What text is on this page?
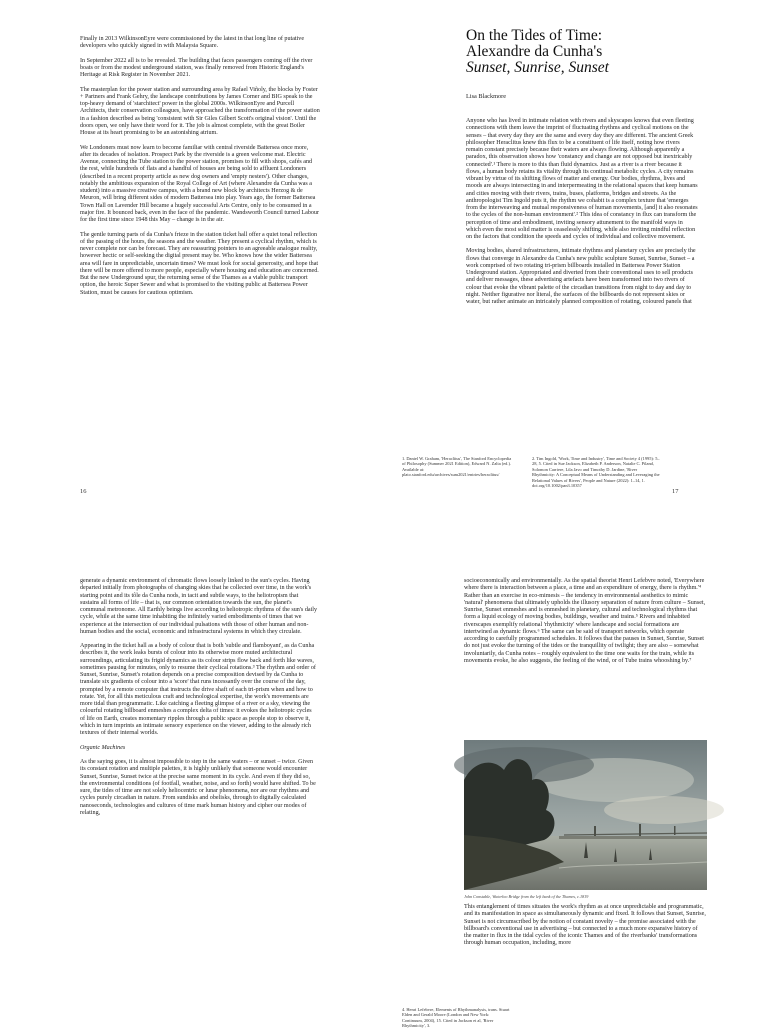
Finally in 2013 WilkinsonEyre were commissioned by the latest in that long line of putative developers who quickly signed in with Malaysia Square.

In September 2022 all is to be revealed. The building that faces passengers coming off the river boats or from the modest underground station, was finally removed from Historic England's Heritage at Risk Register in November 2021.

The masterplan for the power station and surrounding area by Rafael Viñoly, the blocks by Foster + Partners and Frank Gehry, the landscape contributions by James Corner and BIG speak to the top-heavy demand of 'starchitect' power in the global 2000s. WilkinsonEyre and Purcell Architects, their conservation colleagues, have approached the transformation of the power station in a fashion described as being 'consistent with Sir Giles Gilbert Scott's original vision'. Until the doors open, we only have their word for it. The job is almost complete, with the great Boiler House at its heart promising to be an astonishing atrium.

We Londoners must now learn to become familiar with central riverside Battersea once more, after its decades of isolation. Prospect Park by the riverside is a green welcome mat. Electric Avenue, connecting the Tube station to the power station, promises to fill with shops, cafés and the rest, while hundreds of flats and a handful of houses are being sold to affluent Londoners (described in a recent property article as new dog owners and 'empty nesters'). Other changes, notably the ambitious expansion of the Royal College of Art (where Alexandre da Cunha was a student) into a massive creative campus, with a brand new block by architects Herzog & de Meuron, will bring different sides of modern Battersea into play. Years ago, the former Battersea Town Hall on Lavender Hill became a hugely successful Arts Centre, only to be consumed in a major fire. It bounced back, even in the face of the pandemic. Wandsworth Council turned Labour for the first time since 1948 this May – change is in the air.

The gentle turning parts of da Cunha's frieze in the station ticket hall offer a quiet tonal reflection of the passing of the hours, the seasons and the weather. They present a cyclical rhythm, which is never complete nor can be forecast. They are reassuring pointers to an agreeable analogue reality, however hectic or self-seeking the digital present may be. Who knows how the wider Battersea area will fare in unpredictable, uncertain times? We must look for social generosity, and hope that there will be more offered to more people, especially where housing and education are concerned. But the new Underground spur, the returning sense of the Thames as a viable public transport option, the heroic Super Sewer and what is promised to the visiting public at Battersea Power Station, must be causes for cautious optimism.

16
On the Tides of Time:
Alexandre da Cunha's
Sunset, Sunrise, Sunset
Lisa Blackmore

Anyone who has lived in intimate relation with rivers and skyscapes knows that even fleeting connections with them leave the imprint of fluctuating rhythms and cyclical motions on the senses – that every day they are the same and every day they are different. The ancient Greek philosopher Heraclitus knew this flux to be a constituent of life itself, noting how rivers remain constant precisely because their waters are always flowing. Although apparently a paradox, this observation shows how 'constancy and change are not opposed but inextricably connected'.¹ There is more to this than fluid dynamics. Just as a river is a river because it flows, a human body retains its vitality through its continual metabolic cycles. A city remains vibrant by virtue of its shifting flows of matter and energy. Our bodies, rhythms, lives and moods are always intersecting in and interpermeating in the relational spaces that keep humans and cities moving with their rivers, trains, buses, platforms, bridges and streets. As the anthropologist Tim Ingold puts it, the rhythm we cohabit is a complex texture that 'emerges from the interweaving and mutual responsiveness of human movements, [and] it also resonates to the cycles of the non-human environment'.² This idea of constancy in flux can transform the perception of time and embodiment, inviting sensory attunement to the manifold ways in which even the most solid matter is ceaselessly shifting, while also inviting mindful reflection on the factors that condition the speeds and cycles of individual and collective movement.

Moving bodies, shared infrastructures, intimate rhythms and planetary cycles are precisely the flows that converge in Alexandre da Cunha's new public sculpture Sunset, Sunrise, Sunset – a work comprised of two rotating tri-prism billboards installed in Battersea Power Station Underground station. Appropriated and diverted from their conventional uses to sell products and deliver messages, these advertising artefacts have been transformed into two rivers of colour that evoke the vibrant palette of the circadian transitions from night to day and day to night. Neither figurative nor literal, the surfaces of the billboards do not represent skies or water, but rather animate an intricately planned composition of rotating, coloured panels that

1. Daniel W. Graham, 'Heraclitus', The Stanford Encyclopedia of Philosophy (Summer 2021 Edition), Edward N. Zalta (ed.). Available at: plato.stanford.edu/archives/sum2021/entries/heraclitus/

2. Tim Ingold, 'Work, Time and Industry', Time and Society 4 (1995): 5–28, 5. Cited in Sue Jackson, Elizabeth P. Anderson, Natalie C. Piland, Solomon Carriere, Lila Javo and Timothy D. Jardine, 'River Rhythmicity: A Conceptual Means of Understanding and Leveraging the Relational Values of Rivers', People and Nature (2022): 1–14, 1. doi.org/10.1002/pan3.10357

17

generate a dynamic environment of chromatic flows loosely linked to the sun's cycles. Having departed initially from photographs of changing skies that he collected over time, in the work's starting point and its tôle da Cunha nods, in tacit and subtle ways, to the heliotropism that sustains all forms of life – that is, our common orientation towards the sun, the planet's communal metronome. All Earthly beings live according to heliotropic rhythms of the sun's daily cycle, while at the same time inhabiting the infinitely varied embodiments of times that we experience at the intersection of our individual pulsations with those of other human and non-human bodies and the social, economic and infrastructural systems in which they circulate.

Appearing in the ticket hall as a body of colour that is both 'subtle and flamboyant', as da Cunha describes it, the work leaks bursts of colour into its otherwise more muted architectural surroundings, articulating its frigid dynamics as its colour strips flow back and forth like waves, sometimes pausing for minutes, only to resume their cyclical rotations.³ The rhythm and order of Sunset, Sunrise, Sunset's rotation depends on a precise composition devised by da Cunha to translate six gradients of colour into a 'score' that runs incessantly over the course of the day, prompted by a remote computer that instructs the drive shaft of each tri-prism when and how to rotate. Yet, for all this meticulous craft and technological expertise, the work's movements are more tidal than programmatic. Like catching a fleeting glimpse of a river or a sky, viewing the colourful rotating billboard enmeshes a complex delta of times: it evokes the heliotropic cycles of life on Earth, creates momentary ripples through a public space as people stop to observe it, which in turn imprints an intimate sensory experience on the viewer, adding to the already rich textures of their internal worlds.

Organic Machines

As the saying goes, it is almost impossible to step in the same waters – or sunset – twice. Given its constant rotation and multiple palettes, it is highly unlikely that someone would encounter Sunset, Sunrise, Sunset twice at the precise same moment in its cycle. And even if they did so, the environmental conditions (of footfall, weather, noise, and so forth) would have shifted. To be sure, the tides of time are not solely heliocentric or lunar phenomena, nor are our rhythms and cycles purely circadian in nature. From sundisks and obelisks, through to digitally calculated nanoseconds, technologies and cultures of time mark human history and cipher our modes of relating,

socioeconomically and environmentally. As the spatial theorist Henri Lefebvre noted, 'Everywhere where there is interaction between a place, a time and an expenditure of energy, there is rhythm.'⁴ Rather than an exercise in eco-mimesis – the tendency in environmental aesthetics to mimic 'natural' phenomena that ultimately upholds the illusory separation of nature from culture – Sunset, Sunrise, Sunset enmeshes and is enmeshed in planetary, cultural and technological rhythms that form a liquid ecology of moving bodies, buildings, weather and trains.⁵ Rivers and inhabited riverscapes exemplify relational 'rhythmicity' where landscape and social formations are intertwined as dynamic flows.⁶ The same can be said of transport networks, which operate according to carefully programmed schedules. It follows that the pauses in Sunset, Sunrise, Sunset do not just evoke the turning of the tides or the tranquillity of twilight; they are also – somewhat involuntarily, da Cunha notes – roughly equivalent to the time one waits for the train, while its movements evoke, he also suggests, the feeling of the wind, or of Tube trains whooshing by.⁷

John Constable, Waterloo Bridge from the left bank of the Thames, c.1819

This entanglement of times situates the work's rhythm as at once unpredictable and programmatic, and its manifestation in space as simultaneously dynamic and fixed. It follows that Sunset, Sunrise, Sunset is not circumscribed by the notion of constant novelty – the promise associated with the billboard's conventional use in advertising – but connected to a much more expansive history of the matter in flux in the tidal cycles of the iconic Thames and of the riverbanks' transformations through human occupation, including, more

4. Henri Lefebvre, Elements of Rhythmanalysis, trans. Stuart Elden and Gerald Moore (London and New York: Continuum, 2004), 15. Cited in Jackson et al, 'River Rhythmicity', 3.
